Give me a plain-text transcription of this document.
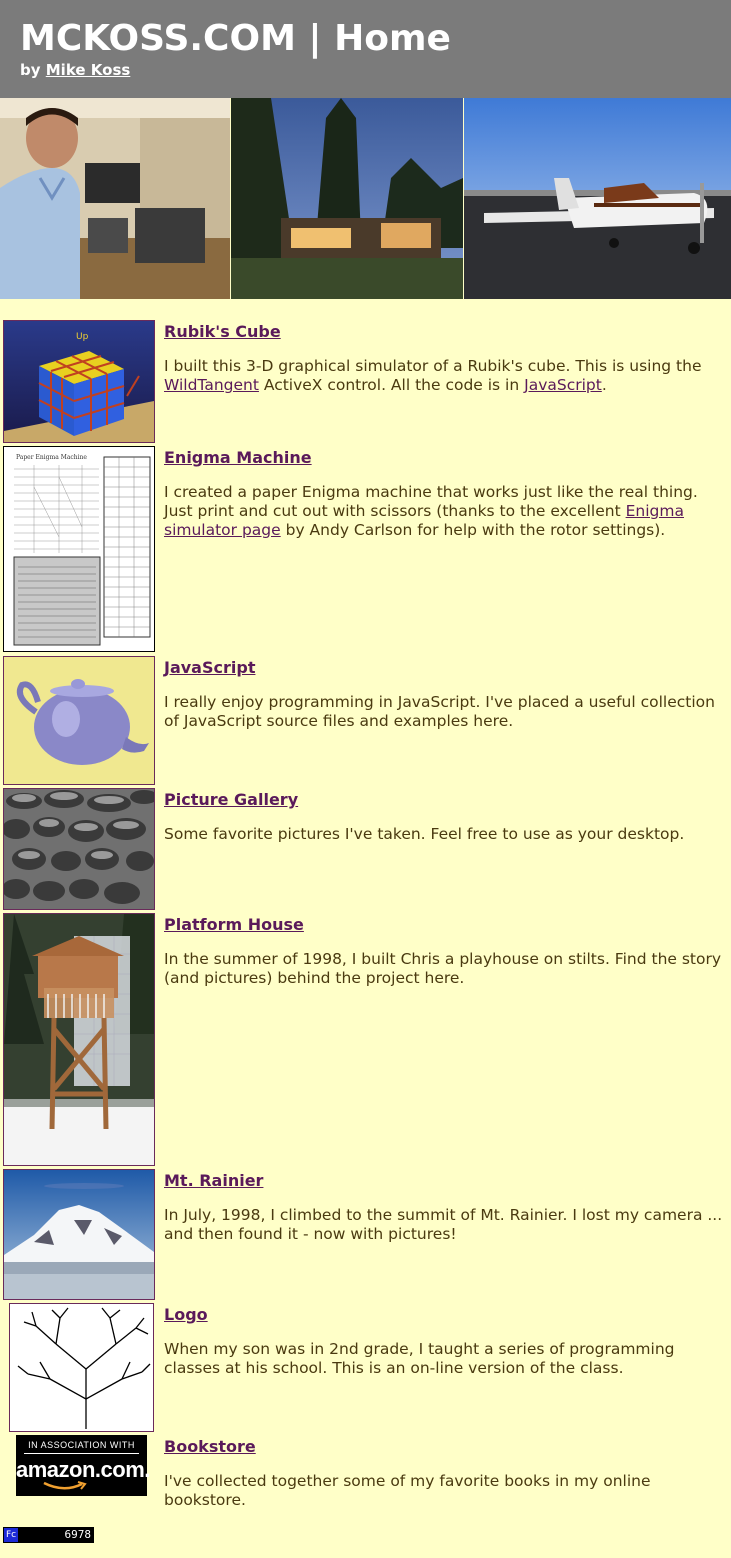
MCKOSS.COM | Home
by Mike Koss
Up	Rubik's Cube
I built this 3-D graphical simulator of a Rubik's cube. This is using the WildTangent ActiveX control. All the code is in JavaScript.
Paper Enigma Machine	Enigma Machine
I created a paper Enigma machine that works just like the real thing. Just print and cut out with scissors (thanks to the excellent Enigma simulator page by Andy Carlson for help with the rotor settings).
JavaScript
I really enjoy programming in JavaScript. I've placed a useful collection of JavaScript source files and examples here.
Picture Gallery
Some favorite pictures I've taken. Feel free to use as your desktop.
Platform House
In the summer of 1998, I built Chris a playhouse on stilts. Find the story (and pictures) behind the project here.
Mt. Rainier
In July, 1998, I climbed to the summit of Mt. Rainier. I lost my camera ... and then found it - now with pictures!
Logo
When my son was in 2nd grade, I taught a series of programming classes at his school. This is an on-line version of the class.
IN ASSOCIATION WITH
amazon.com.
Bookstore
I've collected together some of my favorite books in my online bookstore.
Fc	6978
